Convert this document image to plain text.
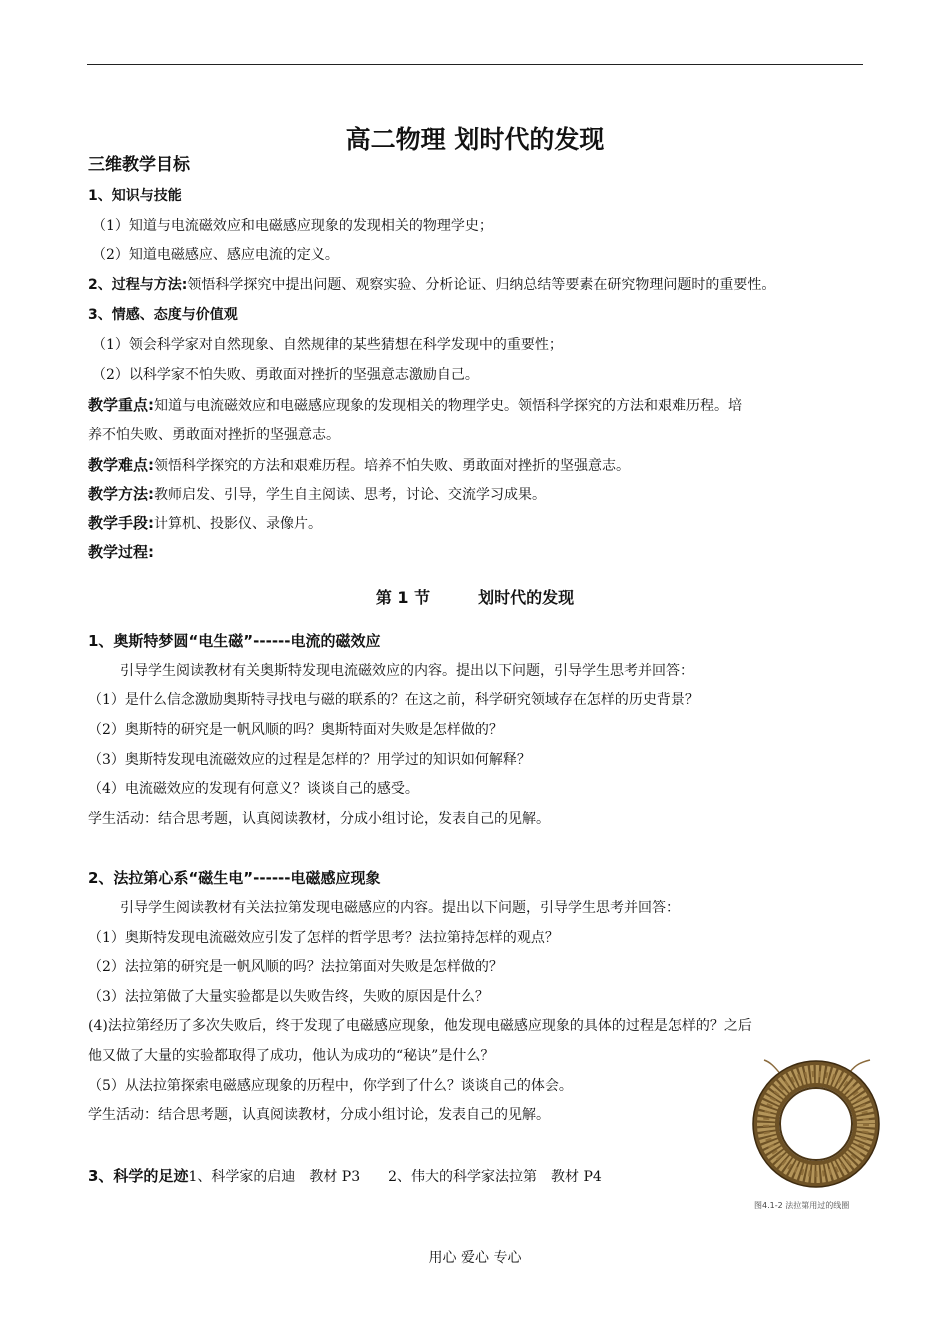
高二物理 划时代的发现
三维教学目标
1、知识与技能
（1）知道与电流磁效应和电磁感应现象的发现相关的物理学史；
（2）知道电磁感应、感应电流的定义。
2、过程与方法:领悟科学探究中提出问题、观察实验、分析论证、归纳总结等要素在研究物理问题时的重要性。
3、情感、态度与价值观
（1）领会科学家对自然现象、自然规律的某些猜想在科学发现中的重要性；
（2）以科学家不怕失败、勇敢面对挫折的坚强意志激励自己。
教学重点:知道与电流磁效应和电磁感应现象的发现相关的物理学史。领悟科学探究的方法和艰难历程。培
养不怕失败、勇敢面对挫折的坚强意志。
教学难点:领悟科学探究的方法和艰难历程。培养不怕失败、勇敢面对挫折的坚强意志。
教学方法:教师启发、引导，学生自主阅读、思考，讨论、交流学习成果。
教学手段:计算机、投影仪、录像片。
教学过程:
第 1 节	划时代的发现
1、奥斯特梦圆“电生磁”------电流的磁效应
引导学生阅读教材有关奥斯特发现电流磁效应的内容。提出以下问题，引导学生思考并回答：
（1）是什么信念激励奥斯特寻找电与磁的联系的？在这之前，科学研究领域存在怎样的历史背景？
（2）奥斯特的研究是一帆风顺的吗？奥斯特面对失败是怎样做的？
（3）奥斯特发现电流磁效应的过程是怎样的？用学过的知识如何解释？
（4）电流磁效应的发现有何意义？谈谈自己的感受。
学生活动：结合思考题，认真阅读教材，分成小组讨论，发表自己的见解。
2、法拉第心系“磁生电”------电磁感应现象
引导学生阅读教材有关法拉第发现电磁感应的内容。提出以下问题，引导学生思考并回答：
（1）奥斯特发现电流磁效应引发了怎样的哲学思考？法拉第持怎样的观点？
（2）法拉第的研究是一帆风顺的吗？法拉第面对失败是怎样做的？
（3）法拉第做了大量实验都是以失败告终，失败的原因是什么？
(4)法拉第经历了多次失败后，终于发现了电磁感应现象，他发现电磁感应现象的具体的过程是怎样的？之后
他又做了大量的实验都取得了成功，他认为成功的“秘诀”是什么？
（5）从法拉第探索电磁感应现象的历程中，你学到了什么？谈谈自己的体会。
学生活动：结合思考题，认真阅读教材，分成小组讨论，发表自己的见解。
3、科学的足迹1、科学家的启迪　教材 P3　　2、伟大的科学家法拉第　教材 P4
图4.1-2 法拉第用过的线圈
用心 爱心 专心
